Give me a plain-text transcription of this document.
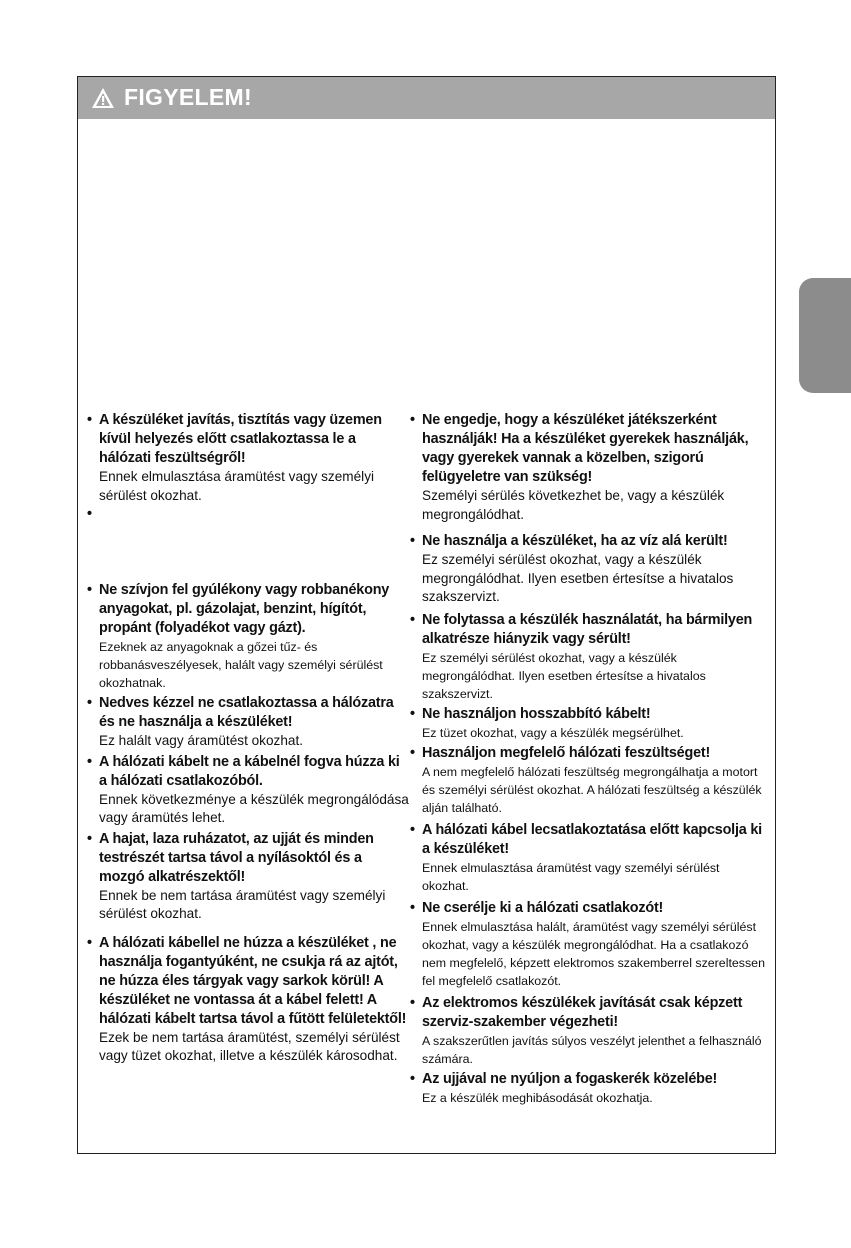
FIGYELEM!
• A készüléket javítás, tisztítás vagy üzemen kívül helyezés előtt csatlakoztassa le a hálózati feszültségről!
Ennek elmulasztása áramütést vagy személyi sérülést okozhat.
•
• Ne szívjon fel gyúlékony vagy robbanékony anyagokat, pl. gázolajat, benzint, hígítót, propánt (folyadékot vagy gázt).
Ezeknek az anyagoknak a gőzei tűz- és robbanásveszélyesek, halált vagy személyi sérülést okozhatnak.
• Nedves kézzel ne csatlakoztassa a hálózatra és ne használja a készüléket!
Ez halált vagy áramütést okozhat.
• A hálózati kábelt ne a kábelnél fogva húzza ki a hálózati csatlakozóból.
Ennek következménye a készülék megrongálódása vagy áramütés lehet.
• A hajat, laza ruházatot, az ujját és minden testrészét tartsa távol a nyílásoktól és a mozgó alkatrészektől!
Ennek be nem tartása áramütést vagy személyi sérülést okozhat.
• A hálózati kábellel ne húzza a készüléket , ne használja fogantyúként, ne csukja rá az ajtót, ne húzza éles tárgyak vagy sarkok körül! A készüléket ne vontassa át a kábel felett! A hálózati kábelt tartsa távol a fűtött felületektől!
Ezek be nem tartása áramütést, személyi sérülést vagy tüzet okozhat, illetve a készülék károsodhat.
• Ne engedje, hogy a készüléket játékszerként használják! Ha a készüléket gyerekek használják, vagy gyerekek vannak a közelben, szigorú felügyeletre van szükség!
Személyi sérülés következhet be, vagy a készülék megrongálódhat.
• Ne használja a készüléket, ha az víz alá került!
Ez személyi sérülést okozhat, vagy a készülék megrongálódhat. Ilyen esetben értesítse a hivatalos szakszervizt.
• Ne folytassa a készülék használatát, ha bármilyen alkatrésze hiányzik vagy sérült!
Ez személyi sérülést okozhat, vagy a készülék megrongálódhat. Ilyen esetben értesítse a hivatalos szakszervizt.
• Ne használjon hosszabbító kábelt!
Ez tüzet okozhat, vagy a készülék megsérülhet.
• Használjon megfelelő hálózati feszültséget!
A nem megfelelő hálózati feszültség megrongálhatja a motort és személyi sérülést okozhat. A hálózati feszültség a készülék alján található.
• A hálózati kábel lecsatlakoztatása előtt kapcsolja ki a készüléket!
Ennek elmulasztása áramütést vagy személyi sérülést okozhat.
• Ne cserélje ki a hálózati csatlakozót!
Ennek elmulasztása halált, áramütést vagy személyi sérülést okozhat, vagy a készülék megrongálódhat. Ha a csatlakozó nem megfelelő, képzett elektromos szakemberrel szereltessen fel megfelelő csatlakozót.
• Az elektromos készülékek javítását csak képzett szerviz-szakember végezheti!
A szakszerűtlen javítás súlyos veszélyt jelenthet a felhasználó számára.
• Az ujjával ne nyúljon a fogaskerék közelébe!
Ez a készülék meghibásodását okozhatja.
